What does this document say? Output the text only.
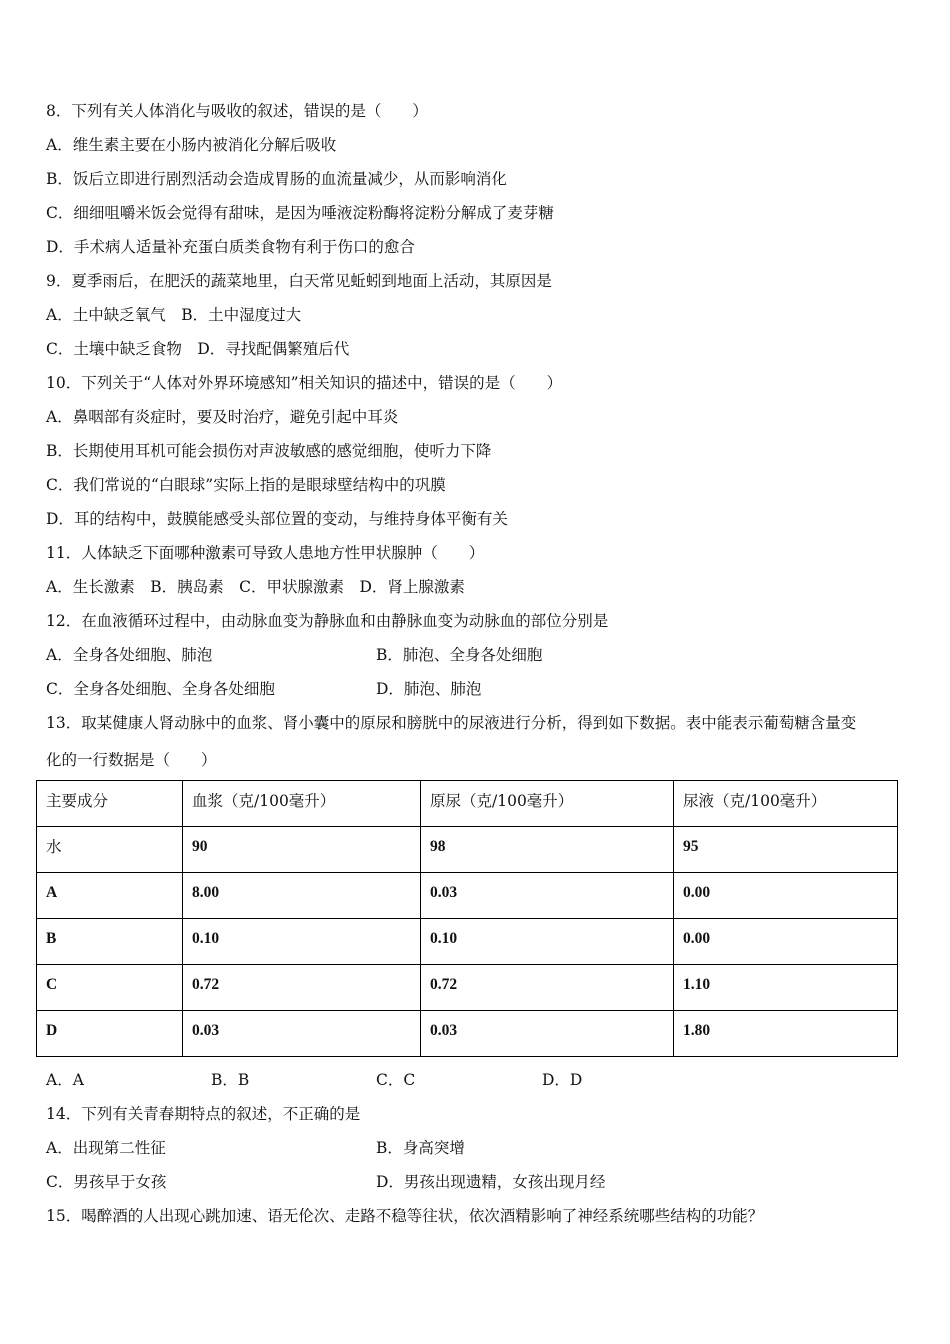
8．下列有关人体消化与吸收的叙述，错误的是（　　）
A．维生素主要在小肠内被消化分解后吸收
B．饭后立即进行剧烈活动会造成胃肠的血流量减少，从而影响消化
C．细细咀嚼米饭会觉得有甜味，是因为唾液淀粉酶将淀粉分解成了麦芽糖
D．手术病人适量补充蛋白质类食物有利于伤口的愈合
9．夏季雨后，在肥沃的蔬菜地里，白天常见蚯蚓到地面上活动，其原因是
A．土中缺乏氧气　B．土中湿度过大
C．土壤中缺乏食物　D．寻找配偶繁殖后代
10．下列关于“人体对外界环境感知”相关知识的描述中，错误的是（　　）
A．鼻咽部有炎症时，要及时治疗，避免引起中耳炎
B．长期使用耳机可能会损伤对声波敏感的感觉细胞，使听力下降
C．我们常说的“白眼球”实际上指的是眼球壁结构中的巩膜
D．耳的结构中，鼓膜能感受头部位置的变动，与维持身体平衡有关
11．人体缺乏下面哪种激素可导致人患地方性甲状腺肿（　　）
A．生长激素　B．胰岛素　C．甲状腺激素　D．肾上腺激素
12．在血液循环过程中，由动脉血变为静脉血和由静脉血变为动脉血的部位分别是
A．全身各处细胞、肺泡	B．肺泡、全身各处细胞
C．全身各处细胞、全身各处细胞	D．肺泡、肺泡
13．取某健康人肾动脉中的血浆、肾小囊中的原尿和膀胱中的尿液进行分析，得到如下数据。表中能表示葡萄糖含量变
化的一行数据是（　　）
主要成分	血浆（克/100毫升）	原尿（克/100毫升）	尿液（克/100毫升）
水	90	98	95
A	8.00	0.03	0.00
B	0.10	0.10	0.00
C	0.72	0.72	1.10
D	0.03	0.03	1.80
A．A	B．B	C．C	D．D
14．下列有关青春期特点的叙述，不正确的是
A．出现第二性征	B．身高突增
C．男孩早于女孩	D．男孩出现遗精，女孩出现月经
15．喝醉酒的人出现心跳加速、语无伦次、走路不稳等往状，依次酒精影响了神经系统哪些结构的功能？
